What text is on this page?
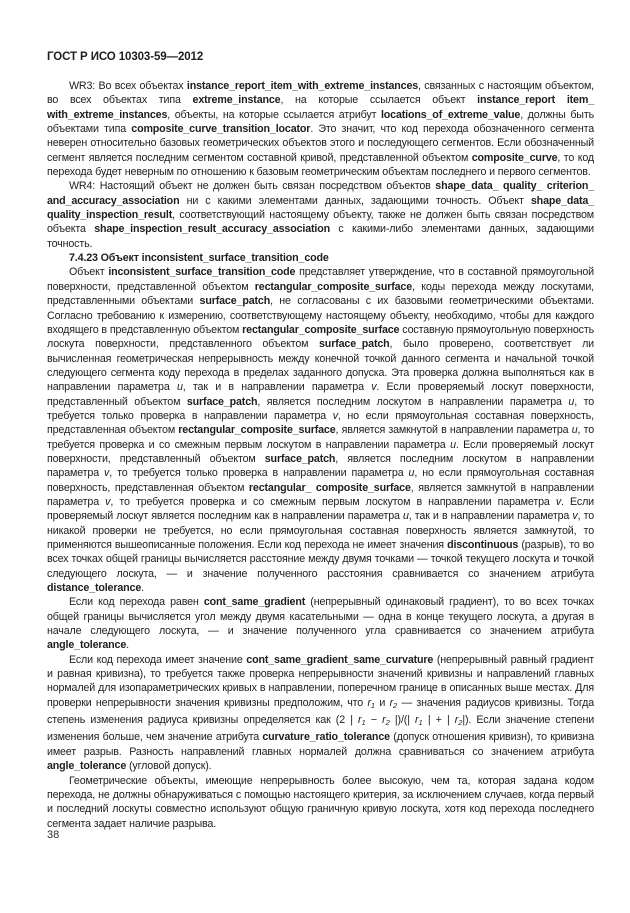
ГОСТ Р ИСО 10303-59—2012

WR3: Во всех объектах instance_report_item_with_extreme_instances, связанных с настоящим объектом, во всех объектах типа extreme_instance, на которые ссылается объект instance_report item_ with_extreme_instances, объекты, на которые ссылается атрибут locations_of_extreme_value, должны быть объектами типа composite_curve_transition_locator. Это значит, что код перехода обозначенного сегмента неверен относительно базовых геометрических объектов этого и последующего сегментов. Если обозначенный сегмент является последним сегментом составной кривой, представленной объектом composite_curve, то код перехода будет неверным по отношению к базовым геометрическим объектам последнего и первого сегментов.

WR4: Настоящий объект не должен быть связан посредством объектов shape_data_ quality_ criterion_ and_accuracy_association ни с какими элементами данных, задающими точность. Объект shape_data_ quality_inspection_result, соответствующий настоящему объекту, также не должен быть связан посредством объекта shape_inspection_result_accuracy_association с какими-либо элементами данных, задающими точность.

7.4.23 Объект inconsistent_surface_transition_code

Объект inconsistent_surface_transition_code представляет утверждение, что в составной прямоугольной поверхности, представленной объектом rectangular_composite_surface, коды перехода между лоскутами, представленными объектами surface_patch, не согласованы с их базовыми геометрическими объектами. Согласно требованию к измерению, соответствующему настоящему объекту, необходимо, чтобы для каждого входящего в представленную объектом rectangular_composite_surface составную прямоугольную поверхность лоскута поверхности, представленного объектом surface_patch, было проверено, соответствует ли вычисленная геометрическая непрерывность между конечной точкой данного сегмента и начальной точкой следующего сегмента коду перехода в пределах заданного допуска. Эта проверка должна выполняться как в направлении параметра u, так и в направлении параметра v. Если проверяемый лоскут поверхности, представленный объектом surface_patch, является последним лоскутом в направлении параметра u, то требуется только проверка в направлении параметра v, но если прямоугольная составная поверхность, представленная объектом rectangular_composite_surface, является замкнутой в направлении параметра u, то требуется проверка и со смежным первым лоскутом в направлении параметра u. Если проверяемый лоскут поверхности, представленный объектом surface_patch, является последним лоскутом в направлении параметра v, то требуется только проверка в направлении параметра u, но если прямоугольная составная поверхность, представленная объектом rectangular_ composite_surface, является замкнутой в направлении параметра v, то требуется проверка и со смежным первым лоскутом в направлении параметра v. Если проверяемый лоскут является последним как в направлении параметра u, так и в направлении параметра v, то никакой проверки не требуется, но если прямоугольная составная поверхность является замкнутой, то применяются вышеописанные положения. Если код перехода не имеет значения discontinuous (разрыв), то во всех точках общей границы вычисляется расстояние между двумя точками — точкой текущего лоскута и точкой следующего лоскута, — и значение полученного расстояния сравнивается со значением атрибута distance_tolerance.

Если код перехода равен cont_same_gradient (непрерывный одинаковый градиент), то во всех точках общей границы вычисляется угол между двумя касательными — одна в конце текущего лоскута, а другая в начале следующего лоскута, — и значение полученного угла сравнивается со значением атрибута angle_tolerance.

Если код перехода имеет значение cont_same_gradient_same_curvature (непрерывный равный градиент и равная кривизна), то требуется также проверка непрерывности значений кривизны и направлений главных нормалей для изопараметрических кривых в направлении, поперечном границе в описанных выше местах. Для проверки непрерывности значения кривизны предположим, что r1 и r2 — значения радиусов кривизны. Тогда степень изменения радиуса кривизны определяется как (2 | r1 − r2 |)/(| r1 | + | r2|). Если значение степени изменения больше, чем значение атрибута curvature_ratio_tolerance (допуск отношения кривизн), то кривизна имеет разрыв. Разность направлений главных нормалей должна сравниваться со значением атрибута angle_tolerance (угловой допуск).

Геометрические объекты, имеющие непрерывность более высокую, чем та, которая задана кодом перехода, не должны обнаруживаться с помощью настоящего критерия, за исключением случаев, когда первый и последний лоскуты совместно используют общую граничную кривую лоскута, хотя код перехода последнего сегмента задает наличие разрыва.

38
